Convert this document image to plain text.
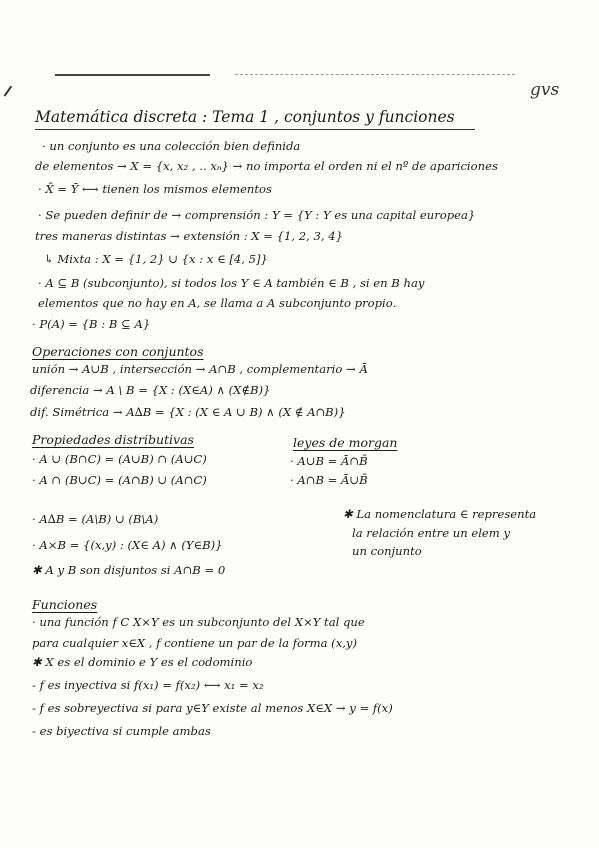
gvs
Matemática discreta : Tema 1 , conjuntos y funciones
· un conjunto es una colección bien definida
de elementos → X = {x, x₂ , .. xₙ} → no importa el orden ni el nº de apariciones
· X̄ = Ȳ ⟷ tienen los mismos elementos
· Se pueden definir de → comprensión : Y = {Y : Y es una capital europea}
tres maneras distintas → extensión : X = {1, 2, 3, 4}
↳ Mixta : X = {1, 2} ∪ {x : x ∈ [4, 5]}
· A ⊆ B (subconjunto), si todos los Y ∈ A también ∈ B , si en B hay
elementos que no hay en A, se llama a A subconjunto propio.
· P(A) = {B : B ⊆ A}
Operaciones con conjuntos
unión → A∪B , intersección → A∩B , complementario → Ā
diferencia → A \ B = {X : (X∈A) ∧ (X∉B)}
dif. Simétrica → A∆B = {X : (X ∈ A ∪ B) ∧ (X ∉ A∩B)}
Propiedades distributivas
· A ∪ (B∩C) = (A∪B) ∩ (A∪C)
· A ∩ (B∪C) = (A∩B) ∪ (A∩C)
leyes de morgan
· A∪B = Ā∩B̄
· A∩B = Ā∪B̄
· A∆B = (A\B) ∪ (B\A)
· A×B = {(x,y) : (X∈ A) ∧ (Y∈B)}
✱ A y B son disjuntos si A∩B = 0
✱ La nomenclatura ∈ representa
la relación entre un elem y
un conjunto
Funciones
· una función f C X×Y es un subconjunto del X×Y tal que
para cualquier x∈X , f contiene un par de la forma (x,y)
✱ X es el dominio e Y es el codominio
- f es inyectiva si f(x₁) = f(x₂) ⟷ x₁ = x₂
- f es sobreyectiva si para y∈Y existe al menos X∈X → y = f(x)
- es biyectiva si cumple ambas
